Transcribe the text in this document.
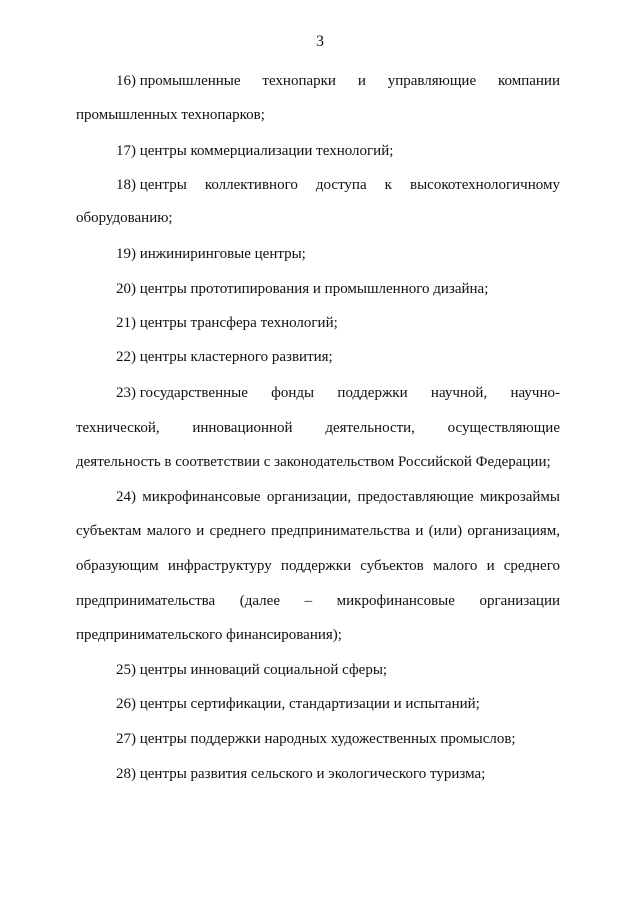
3
16) промышленные технопарки и управляющие компании
промышленных технопарков;
17) центры коммерциализации технологий;
18) центры коллективного доступа к высокотехнологичному
оборудованию;
19) инжиниринговые центры;
20) центры прототипирования и промышленного дизайна;
21) центры трансфера технологий;
22) центры кластерного развития;
23) государственные фонды поддержки научной, научно-
технической, инновационной деятельности, осуществляющие
деятельность в соответствии с законодательством Российской Федерации;
24) микрофинансовые организации, предоставляющие микрозаймы
субъектам малого и среднего предпринимательства и (или) организациям,
образующим инфраструктуру поддержки субъектов малого и среднего
предпринимательства (далее – микрофинансовые организации
предпринимательского финансирования);
25) центры инноваций социальной сферы;
26) центры сертификации, стандартизации и испытаний;
27) центры поддержки народных художественных промыслов;
28) центры развития сельского и экологического туризма;
